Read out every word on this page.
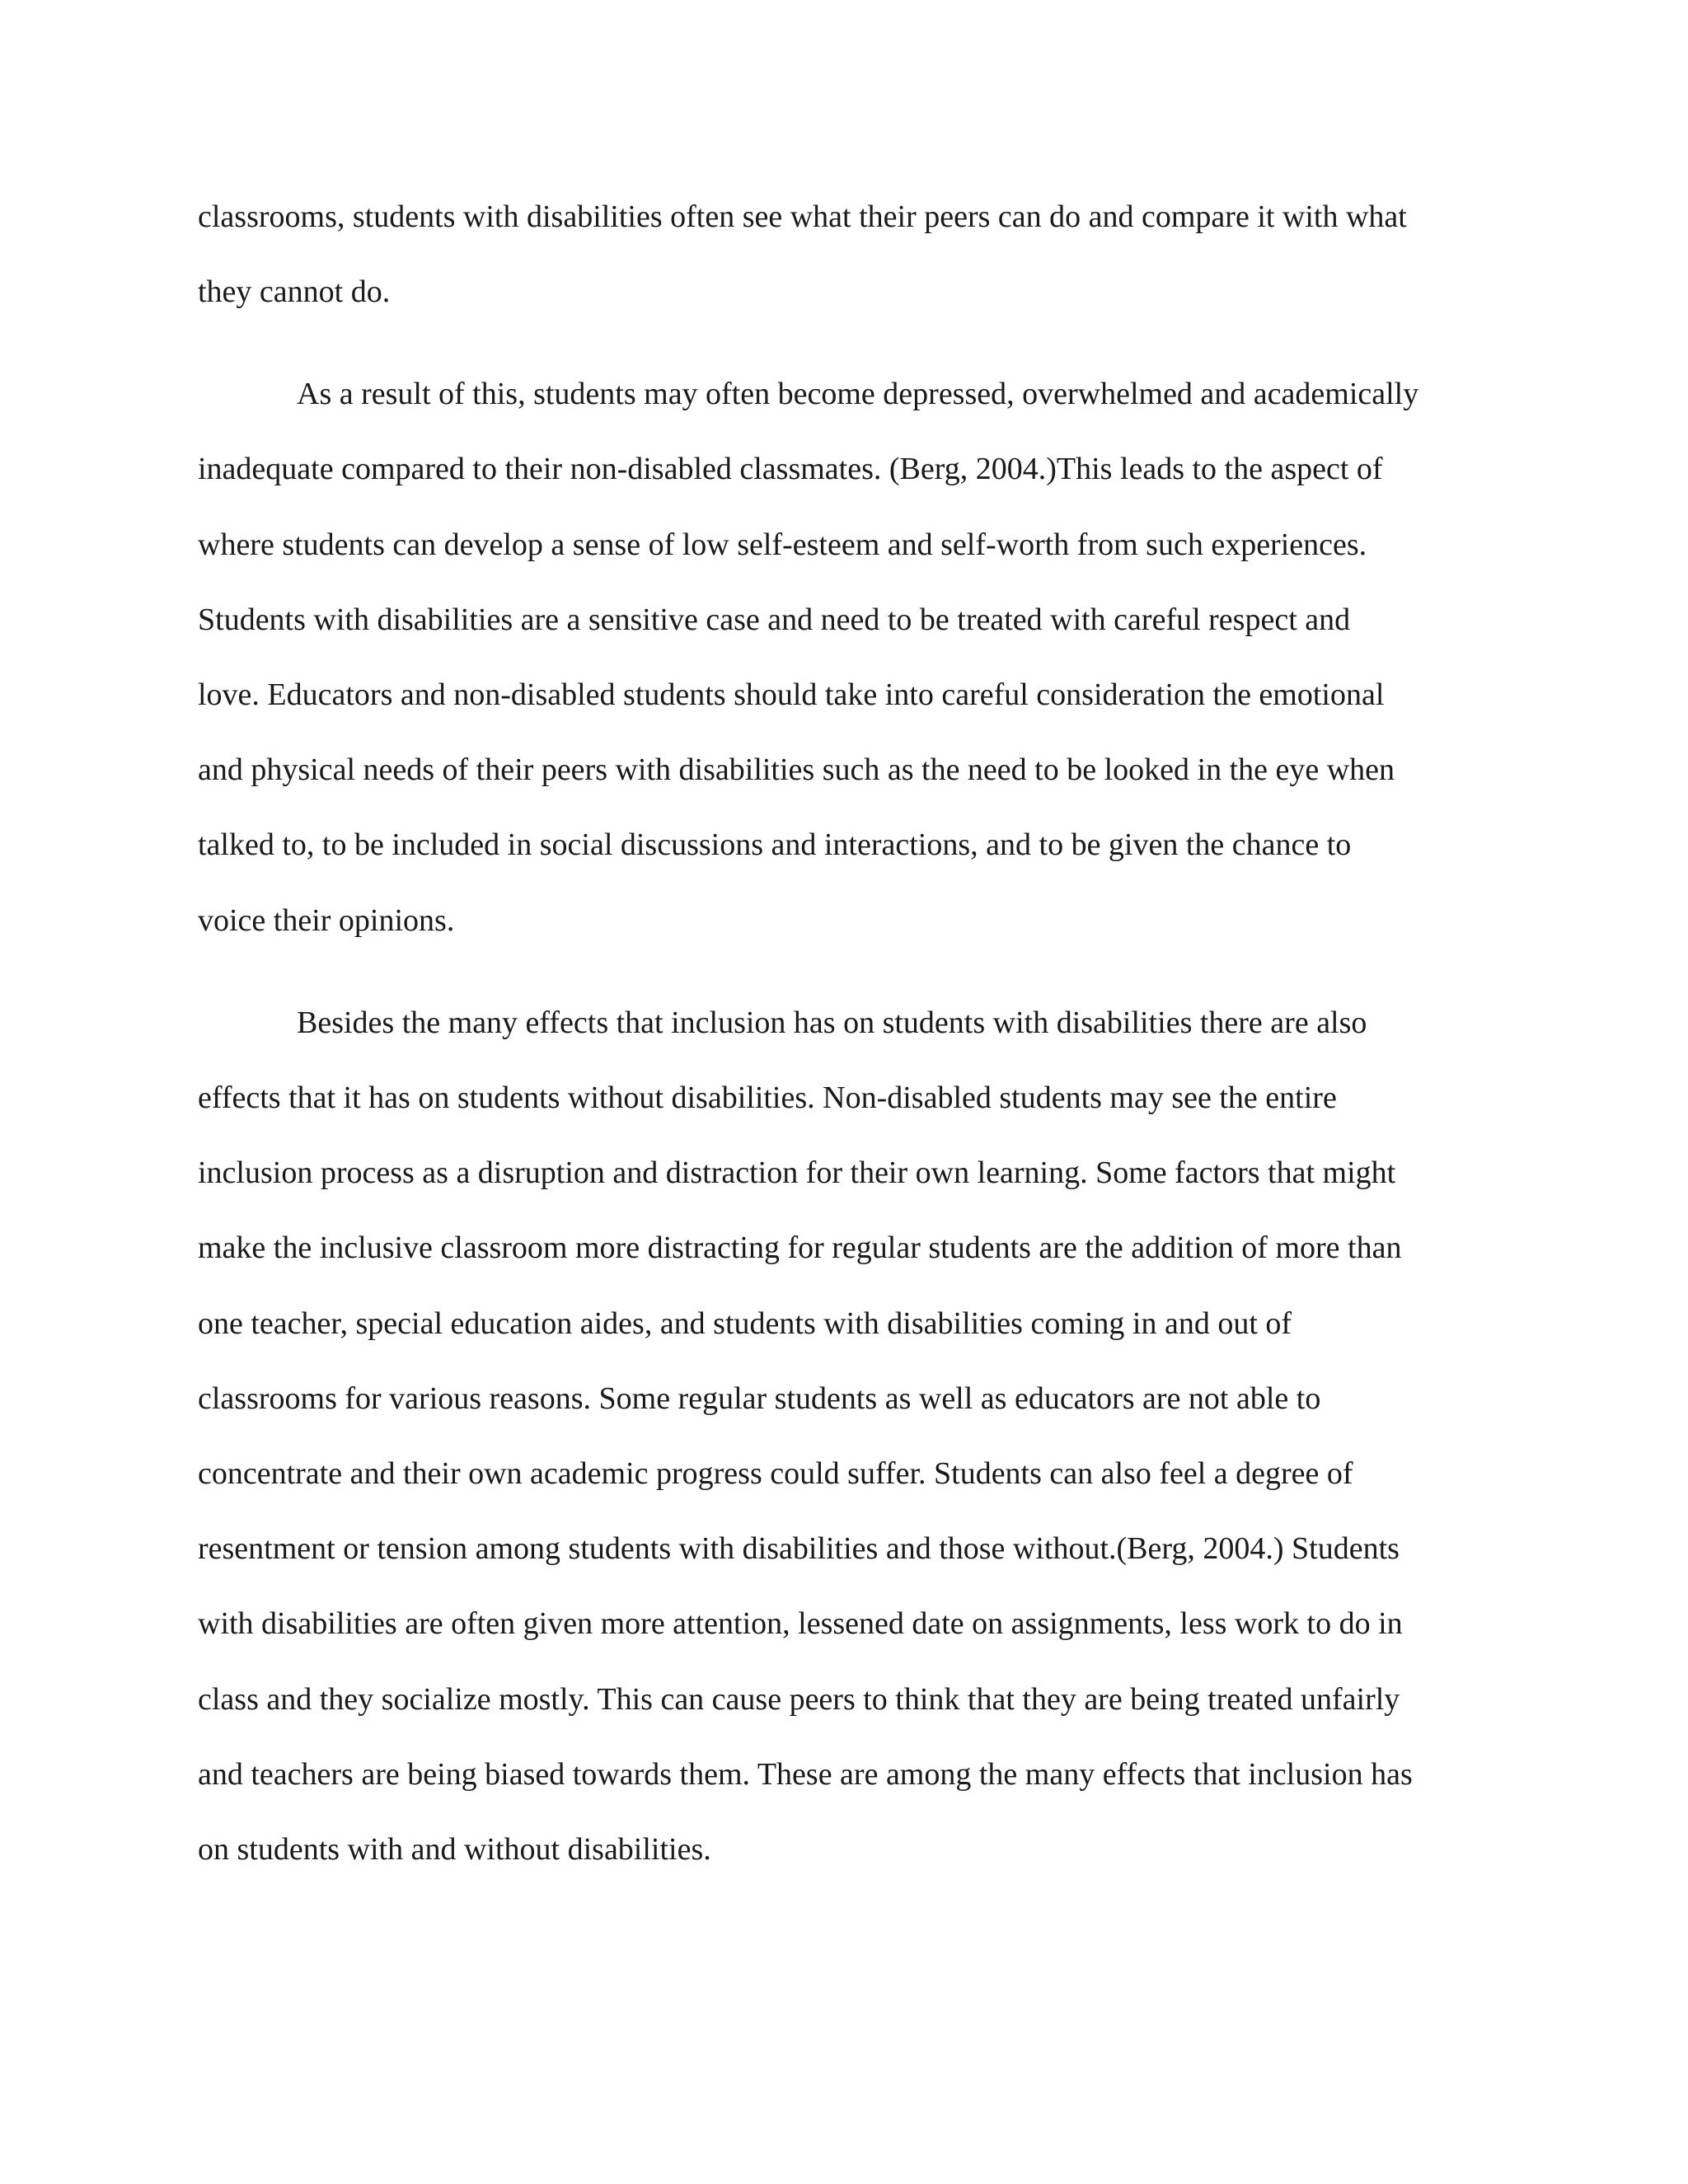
classrooms, students with disabilities often see what their peers can do and compare it with what

they cannot do.

As a result of this, students may often become depressed, overwhelmed and academically

inadequate compared to their non-disabled classmates. (Berg, 2004.)This leads to the aspect of

where students can develop a sense of low self-esteem and self-worth from such experiences.

Students with disabilities are a sensitive case and need to be treated with careful respect and

love. Educators and non-disabled students should take into careful consideration the emotional

and physical needs of their peers with disabilities such as the need to be looked in the eye when

talked to, to be included in social discussions and interactions, and to be given the chance to

voice their opinions.

Besides the many effects that inclusion has on students with disabilities there are also

effects that it has on students without disabilities. Non-disabled students may see the entire

inclusion process as a disruption and distraction for their own learning. Some factors that might

make the inclusive classroom more distracting for regular students are the addition of more than

one teacher, special education aides, and students with disabilities coming in and out of

classrooms for various reasons. Some regular students as well as educators are not able to

concentrate and their own academic progress could suffer. Students can also feel a degree of

resentment or tension among students with disabilities and those without.(Berg, 2004.) Students

with disabilities are often given more attention, lessened date on assignments, less work to do in

class and they socialize mostly. This can cause peers to think that they are being treated unfairly

and teachers are being biased towards them. These are among the many effects that inclusion has

on students with and without disabilities.
